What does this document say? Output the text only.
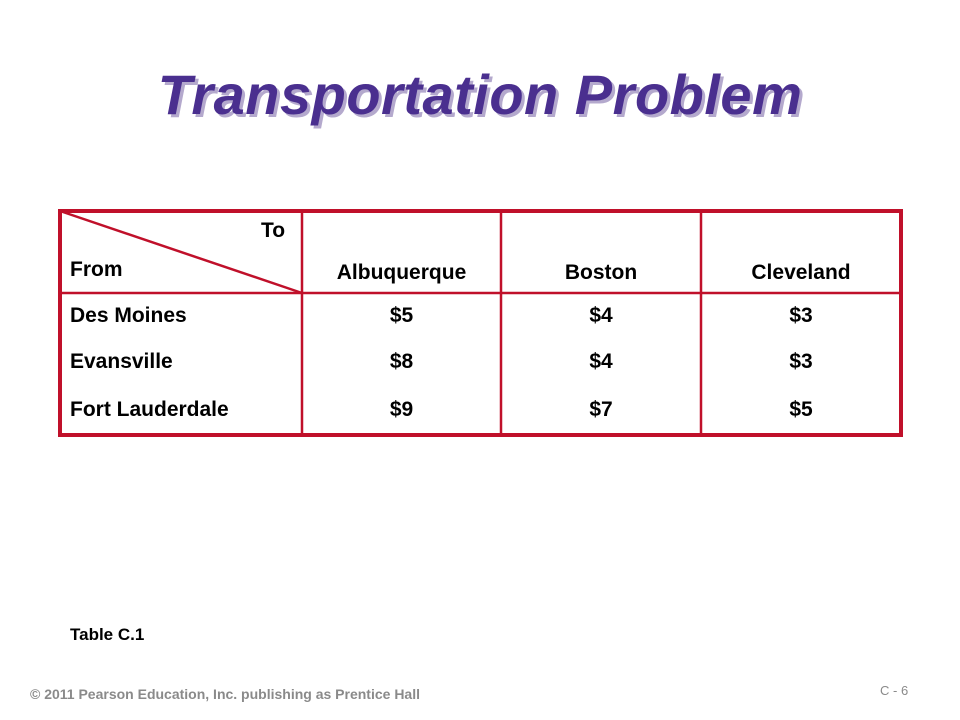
Transportation Problem
To
From	Albuquerque	Boston	Cleveland
Des Moines	$5	$4	$3
Evansville	$8	$4	$3
Fort Lauderdale	$9	$7	$5
Table C.1
© 2011 Pearson Education, Inc. publishing as Prentice Hall	C - 6
